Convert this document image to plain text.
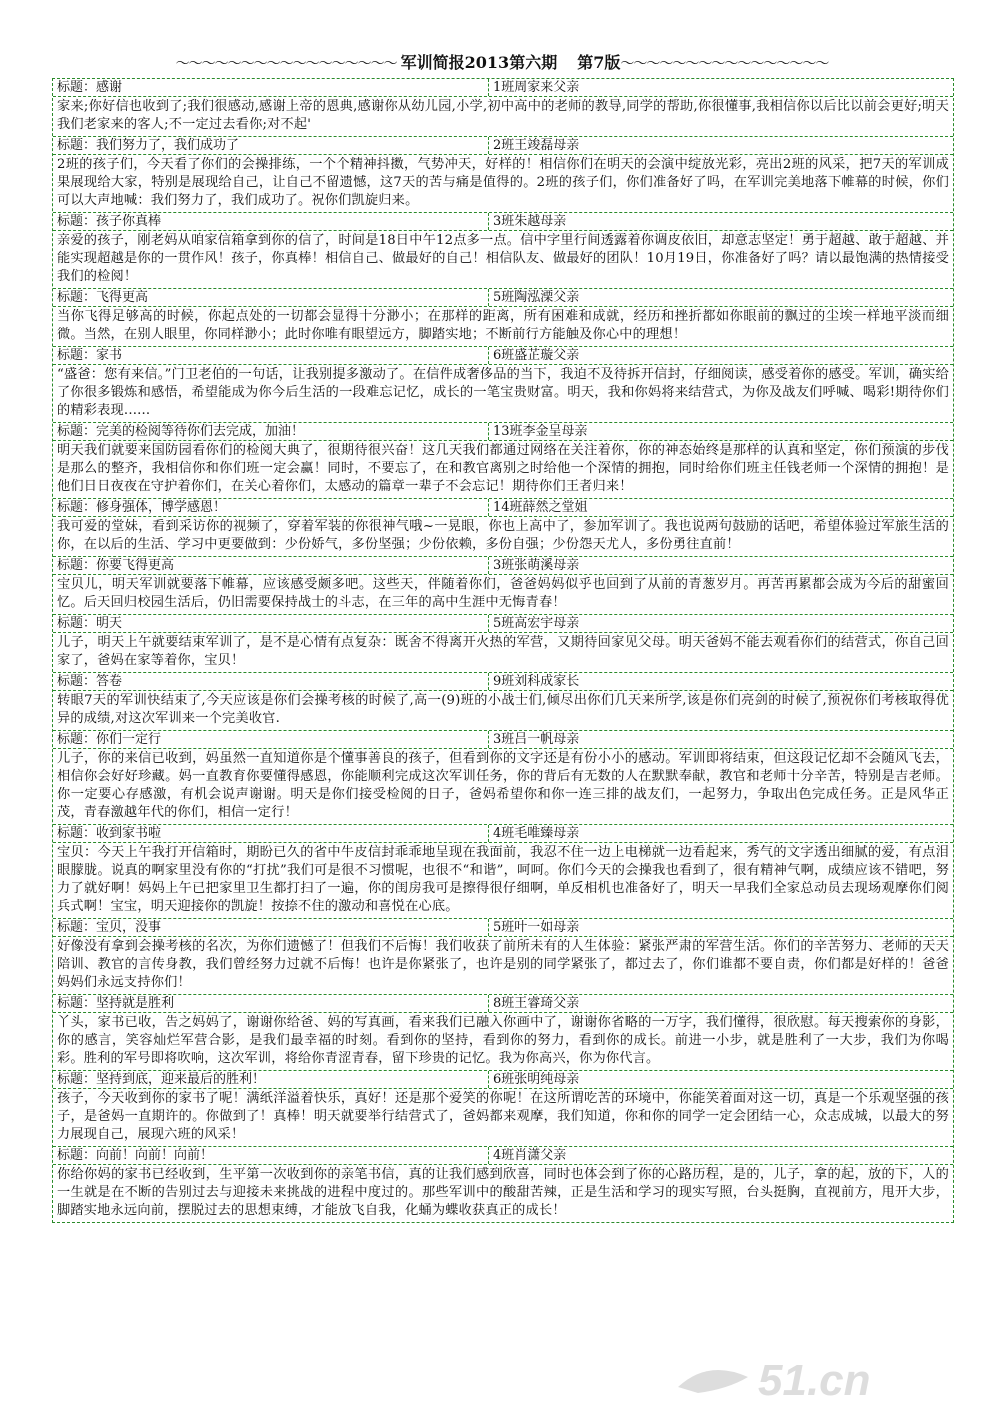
～～～～～～～～～～～～～～～～～ 军训简报2013第六期 第7版～～～～～～～～～～～～～～～～
标题：感谢	1班周家来父亲
家来;你好信也收到了;我们很感动,感谢上帝的恩典,感谢你从幼儿园,小学,初中高中的老师的教导,同学的帮助,你很懂事,我相信你以后比以前会更好;明天我们老家来的客人;不一定过去看你;对不起'
标题：我们努力了，我们成功了	2班王竣磊母亲
2班的孩子们，今天看了你们的会操排练，一个个精神抖擞，气势冲天，好样的！相信你们在明天的会演中绽放光彩，亮出2班的风采，把7天的军训成果展现给大家，特别是展现给自己，让自己不留遗憾，这7天的苦与痛是值得的。2班的孩子们，你们准备好了吗，在军训完美地落下帷幕的时候，你们可以大声地喊：我们努力了，我们成功了。祝你们凯旋归来。
标题：孩子你真棒	3班朱越母亲
亲爱的孩子，刚老妈从咱家信箱拿到你的信了，时间是18日中午12点多一点。信中字里行间透露着你调皮依旧，却意志坚定！勇于超越、敢于超越、并能实现超越是你的一贯作风！孩子，你真棒！相信自己、做最好的自己！相信队友、做最好的团队！10月19日，你准备好了吗？请以最饱满的热情接受我们的检阅！
标题：飞得更高	5班陶泓溧父亲
当你飞得足够高的时候，你起点处的一切都会显得十分渺小；在那样的距离，所有困难和成就，经历和挫折都如你眼前的飘过的尘埃一样地平淡而细微。当然，在别人眼里，你同样渺小；此时你唯有眼望远方，脚踏实地；不断前行方能触及你心中的理想！
标题：家书	6班盛芷璇父亲
“盛爸：您有来信。”门卫老伯的一句话，让我别提多激动了。在信件成奢侈品的当下，我迫不及待拆开信封，仔细阅读，感受着你的感受。军训，确实给了你很多锻炼和感悟，希望能成为你今后生活的一段难忘记忆，成长的一笔宝贵财富。明天，我和你妈将来结营式，为你及战友们呼喊、喝彩!期待你们的精彩表现......
标题：完美的检阅等待你们去完成，加油！	13班李金呈母亲
明天我们就要来国防园看你们的检阅大典了，很期待很兴奋！这几天我们都通过网络在关注着你，你的神态始终是那样的认真和坚定，你们预演的步伐是那么的整齐，我相信你和你们班一定会赢！同时，不要忘了，在和教官离别之时给他一个深情的拥抱，同时给你们班主任钱老师一个深情的拥抱！是他们日日夜夜在守护着你们，在关心着你们，太感动的篇章一辈子不会忘记！期待你们王者归来！
标题：修身强体，博学感恩！	14班薛然之堂姐
我可爱的堂妹，看到采访你的视频了，穿着军装的你很神气哦~一晃眼，你也上高中了，参加军训了。我也说两句鼓励的话吧，希望体验过军旅生活的你，在以后的生活、学习中更要做到：少份娇气，多份坚强；少份依赖，多份自强；少份怨天尤人，多份勇往直前！
标题：你要飞得更高	3班张萌溪母亲
宝贝儿，明天军训就要落下帷幕，应该感受颇多吧。这些天，伴随着你们，爸爸妈妈似乎也回到了从前的青葱岁月。再苦再累都会成为今后的甜蜜回忆。后天回归校园生活后，仍旧需要保持战士的斗志，在三年的高中生涯中无悔青春！
标题：明天	5班高宏宇母亲
儿子，明天上午就要结束军训了，是不是心情有点复杂：既舍不得离开火热的军营，又期待回家见父母。明天爸妈不能去观看你们的结营式，你自己回家了，爸妈在家等着你，宝贝！
标题：答卷	9班刘科成家长
转眼7天的军训快结束了,今天应该是你们会操考核的时候了,高一(9)班的小战士们,倾尽出你们几天来所学,该是你们亮剑的时候了,预祝你们考核取得优异的成绩,对这次军训来一个完美收官.
标题：你们一定行	3班吕一帆母亲
儿子，你的来信已收到，妈虽然一直知道你是个懂事善良的孩子，但看到你的文字还是有份小小的感动。军训即将结束，但这段记忆却不会随风飞去，相信你会好好珍藏。妈一直教育你要懂得感恩，你能顺利完成这次军训任务，你的背后有无数的人在默默奉献，教官和老师十分辛苦，特别是吉老师。你一定要心存感激，有机会说声谢谢。明天是你们接受检阅的日子，爸妈希望你和你一连三排的战友们，一起努力，争取出色完成任务。正是风华正茂，青春激越年代的你们，相信一定行！
标题：收到家书啦	4班毛唯臻母亲
宝贝：今天上午我打开信箱时，期盼已久的省中牛皮信封乖乖地呈现在我面前，我忍不住一边上电梯就一边看起来，秀气的文字透出细腻的爱，有点泪眼朦胧。说真的啊家里没有你的“打扰”我们可是很不习惯呢，也很不“和谐”，呵呵。你们今天的会操我也看到了，很有精神气啊，成绩应该不错吧，努力了就好啊！妈妈上午已把家里卫生都打扫了一遍，你的闺房我可是擦得很仔细啊，单反相机也准备好了，明天一早我们全家总动员去现场观摩你们阅兵式啊！宝宝，明天迎接你的凯旋！按捺不住的激动和喜悦在心底。
标题：宝贝，没事	5班叶一如母亲
好像没有拿到会操考核的名次，为你们遗憾了！但我们不后悔！我们收获了前所未有的人生体验：紧张严肃的军营生活。你们的辛苦努力、老师的天天陪训、教官的言传身教，我们曾经努力过就不后悔！也许是你紧张了，也许是别的同学紧张了，都过去了，你们谁都不要自责，你们都是好样的！爸爸妈妈们永远支持你们！
标题：坚持就是胜利	8班王睿琦父亲
丫头，家书已收，告之妈妈了，谢谢你给爸、妈的写真画，看来我们已融入你画中了，谢谢你省略的一万字，我们懂得，很欣慰。每天搜索你的身影，你的感言，笑容灿烂军营合影，是我们最幸福的时刻。看到你的坚持，看到你的努力，看到你的成长。前进一小步，就是胜利了一大步，我们为你喝彩。胜利的军号即将吹响，这次军训，将给你青涩青春，留下珍贵的记忆。我为你高兴，你为你代言。
标题：坚持到底，迎来最后的胜利！	6班张明纯母亲
孩子，今天收到你的家书了呢！满纸洋溢着快乐，真好！还是那个爱笑的你呢！在这所谓吃苦的环境中，你能笑着面对这一切，真是一个乐观坚强的孩子，是爸妈一直期许的。你做到了！真棒！明天就要举行结营式了，爸妈都来观摩，我们知道，你和你的同学一定会团结一心，众志成城，以最大的努力展现自己，展现六班的风采！
标题：向前！向前！向前！	4班肖潇父亲
你给你妈的家书已经收到，生平第一次收到你的亲笔书信，真的让我们感到欣喜，同时也体会到了你的心路历程，是的，儿子，拿的起，放的下，人的一生就是在不断的告别过去与迎接未来挑战的进程中度过的。那些军训中的酸甜苦辣，正是生活和学习的现实写照，台头挺胸，直视前方，甩开大步，脚踏实地永远向前，摆脱过去的思想束缚，才能放飞自我，化蛹为蝶收获真正的成长！
51.cn
